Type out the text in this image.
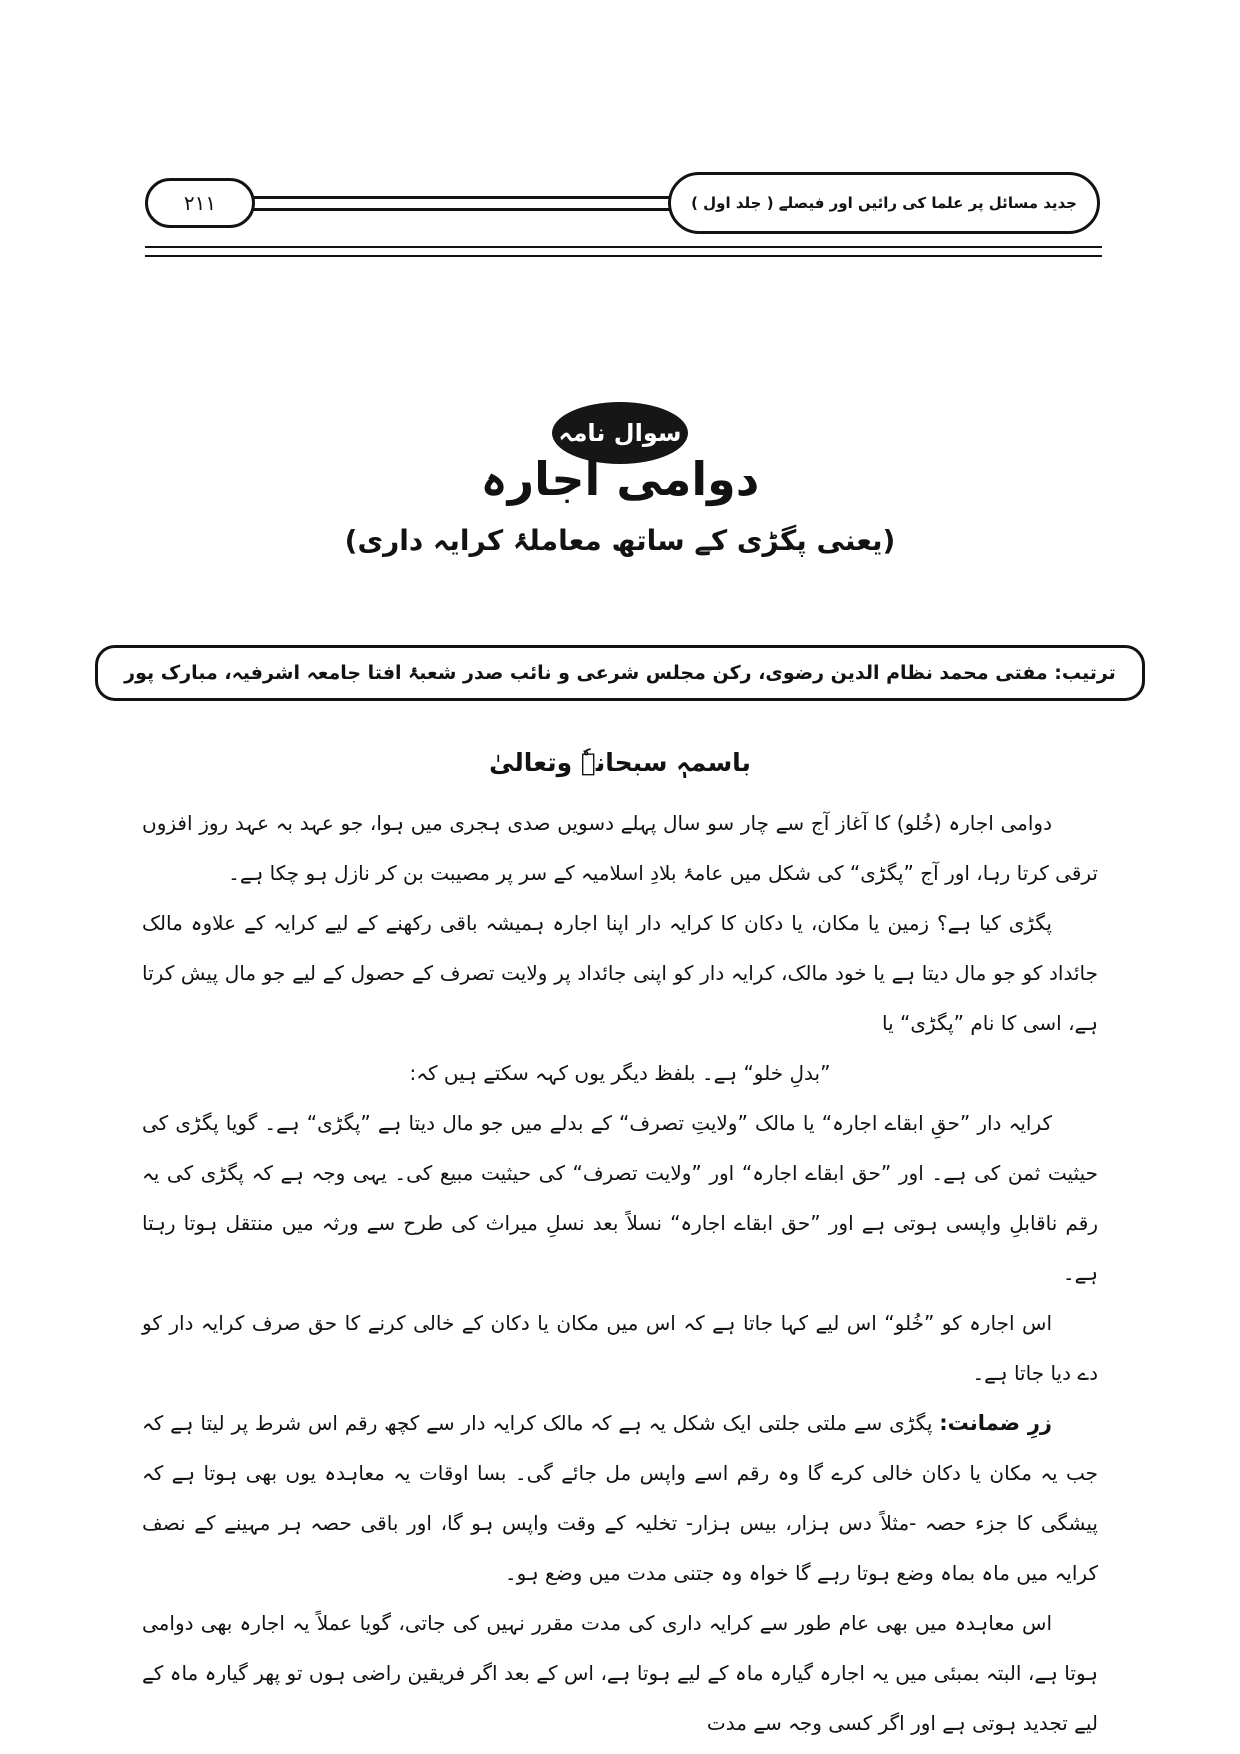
۲۱۱	جدید مسائل پر علما کی رائیں اور فیصلے ( جلد اول )
سوال نامہ
دوامی اجارہ
(یعنی پگڑی کے ساتھ معاملۂ کرایہ داری)
ترتیب: مفتی محمد نظام الدین رضوی، رکن مجلس شرعی و نائب صدر شعبۂ افتا جامعہ اشرفیہ، مبارک پور
باسمہٖ سبحانہٗ وتعالیٰ

دوامی اجارہ (خُلو) کا آغاز آج سے چار سو سال پہلے دسویں صدی ہجری میں ہوا، جو عہد بہ عہد روز افزوں ترقی کرتا رہا، اور آج ”پگڑی“ کی شکل میں عامۂ بلادِ اسلامیہ کے سر پر مصیبت بن کر نازل ہو چکا ہے۔

پگڑی کیا ہے؟ زمین یا مکان، یا دکان کا کرایہ دار اپنا اجارہ ہمیشہ باقی رکھنے کے لیے کرایہ کے علاوہ مالک جائداد کو جو مال دیتا ہے یا خود مالک، کرایہ دار کو اپنی جائداد پر ولایت تصرف کے حصول کے لیے جو مال پیش کرتا ہے، اسی کا نام ”پگڑی“ یا

”بدلِ خلو“ ہے۔ بلفظ دیگر یوں کہہ سکتے ہیں کہ:

کرایہ دار ”حقِ ابقاے اجارہ“ یا مالک ”ولایتِ تصرف“ کے بدلے میں جو مال دیتا ہے ”پگڑی“ ہے۔ گویا پگڑی کی حیثیت ثمن کی ہے۔ اور ”حق ابقاے اجارہ“ اور ”ولایت تصرف“ کی حیثیت مبیع کی۔ یہی وجہ ہے کہ پگڑی کی یہ رقم ناقابلِ واپسی ہوتی ہے اور ”حق ابقاے اجارہ“ نسلاً بعد نسلِ میراث کی طرح سے ورثہ میں منتقل ہوتا رہتا ہے۔

اس اجارہ کو ”خُلو“ اس لیے کہا جاتا ہے کہ اس میں مکان یا دکان کے خالی کرنے کا حق صرف کرایہ دار کو دے دیا جاتا ہے۔

زرِ ضمانت: پگڑی سے ملتی جلتی ایک شکل یہ ہے کہ مالک کرایہ دار سے کچھ رقم اس شرط پر لیتا ہے کہ جب یہ مکان یا دکان خالی کرے گا وہ رقم اسے واپس مل جائے گی۔ بسا اوقات یہ معاہدہ یوں بھی ہوتا ہے کہ پیشگی کا جزء حصہ -مثلاً دس ہزار، بیس ہزار- تخلیہ کے وقت واپس ہو گا، اور باقی حصہ ہر مہینے کے نصف کرایہ میں ماہ بماہ وضع ہوتا رہے گا خواہ وہ جتنی مدت میں وضع ہو۔

اس معاہدہ میں بھی عام طور سے کرایہ داری کی مدت مقرر نہیں کی جاتی، گویا عملاً یہ اجارہ بھی دوامی ہوتا ہے، البتہ بمبئی میں یہ اجارہ گیارہ ماہ کے لیے ہوتا ہے، اس کے بعد اگر فریقین راضی ہوں تو پھر گیارہ ماہ کے لیے تجدید ہوتی ہے اور اگر کسی وجہ سے مدت
